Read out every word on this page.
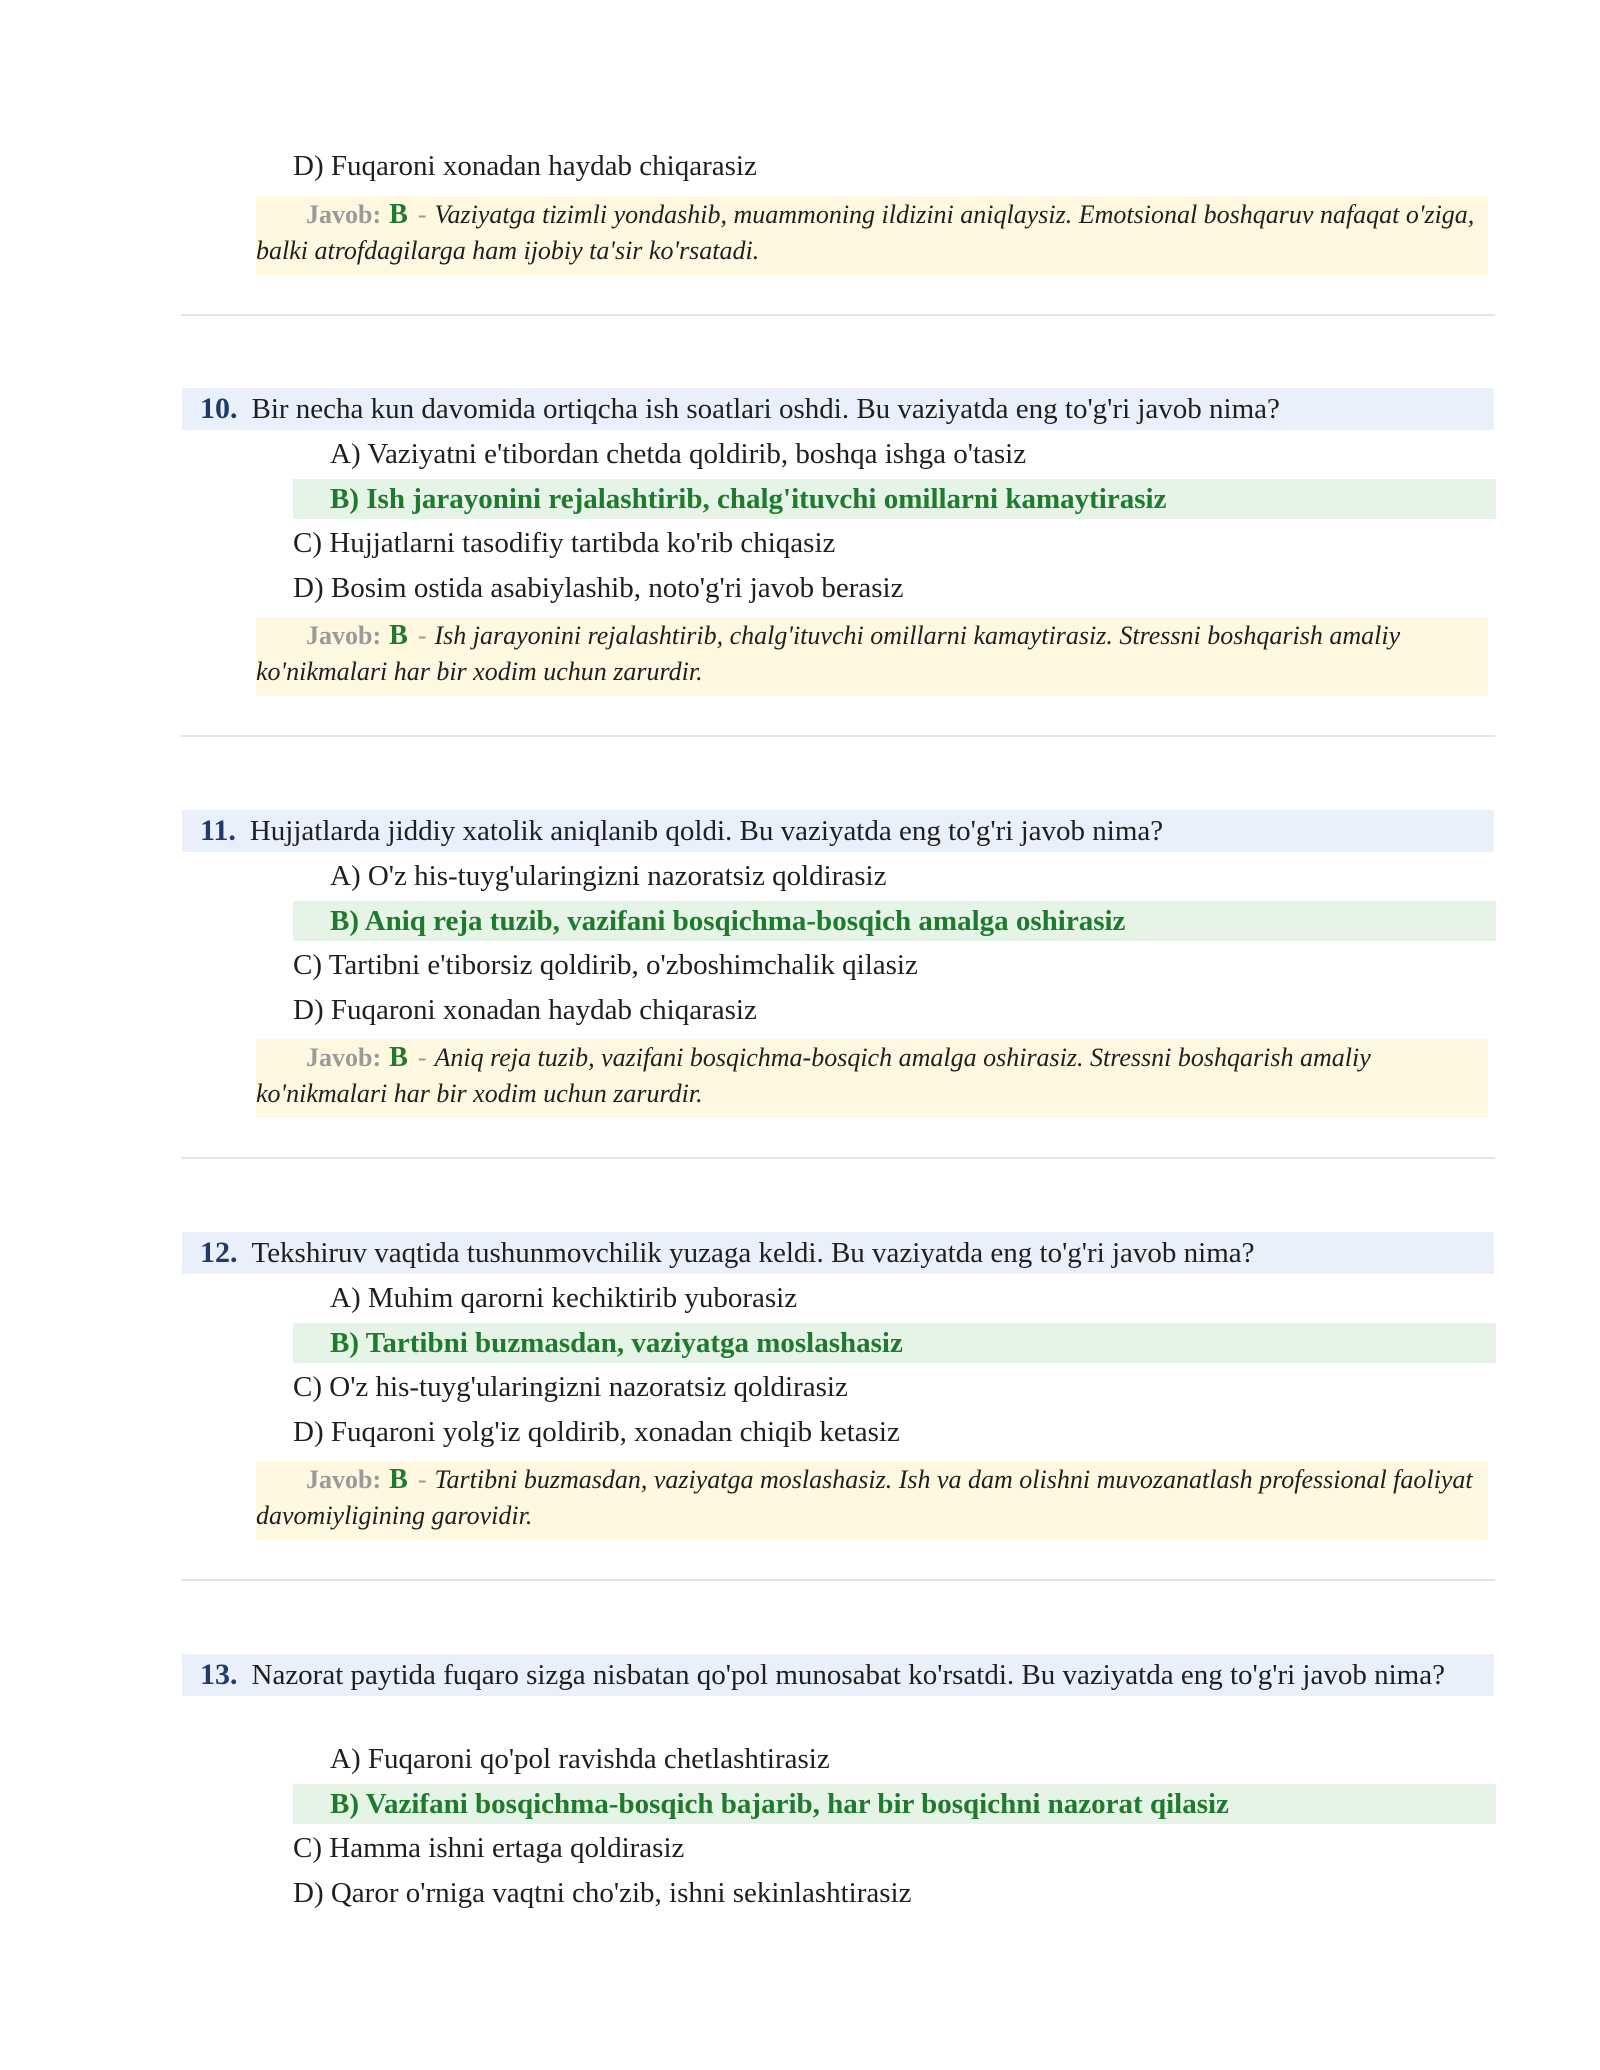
D) Fuqaroni xonadan haydab chiqarasiz
Javob: B - Vaziyatga tizimli yondashib, muammoning ildizini aniqlaysiz. Emotsional boshqaruv nafaqat o'ziga, balki atrofdagilarga ham ijobiy ta'sir ko'rsatadi.
10. Bir necha kun davomida ortiqcha ish soatlari oshdi. Bu vaziyatda eng to'g'ri javob nima?
A) Vaziyatni e'tibordan chetda qoldirib, boshqa ishga o'tasiz
B) Ish jarayonini rejalashtirib, chalg'ituvchi omillarni kamaytirasiz
C) Hujjatlarni tasodifiy tartibda ko'rib chiqasiz
D) Bosim ostida asabiylashib, noto'g'ri javob berasiz
Javob: B - Ish jarayonini rejalashtirib, chalg'ituvchi omillarni kamaytirasiz. Stressni boshqarish amaliy ko'nikmalari har bir xodim uchun zarurdir.
11. Hujjatlarda jiddiy xatolik aniqlanib qoldi. Bu vaziyatda eng to'g'ri javob nima?
A) O'z his-tuyg'ularingizni nazoratsiz qoldirasiz
B) Aniq reja tuzib, vazifani bosqichma-bosqich amalga oshirasiz
C) Tartibni e'tiborsiz qoldirib, o'zboshimchalik qilasiz
D) Fuqaroni xonadan haydab chiqarasiz
Javob: B - Aniq reja tuzib, vazifani bosqichma-bosqich amalga oshirasiz. Stressni boshqarish amaliy ko'nikmalari har bir xodim uchun zarurdir.
12. Tekshiruv vaqtida tushunmovchilik yuzaga keldi. Bu vaziyatda eng to'g'ri javob nima?
A) Muhim qarorni kechiktirib yuborasiz
B) Tartibni buzmasdan, vaziyatga moslashasiz
C) O'z his-tuyg'ularingizni nazoratsiz qoldirasiz
D) Fuqaroni yolg'iz qoldirib, xonadan chiqib ketasiz
Javob: B - Tartibni buzmasdan, vaziyatga moslashasiz. Ish va dam olishni muvozanatlash professional faoliyat davomiyligining garovidir.
13. Nazorat paytida fuqaro sizga nisbatan qo'pol munosabat ko'rsatdi. Bu vaziyatda eng to'g'ri javob nima?
A) Fuqaroni qo'pol ravishda chetlashtirasiz
B) Vazifani bosqichma-bosqich bajarib, har bir bosqichni nazorat qilasiz
C) Hamma ishni ertaga qoldirasiz
D) Qaror o'rniga vaqtni cho'zib, ishni sekinlashtirasiz
